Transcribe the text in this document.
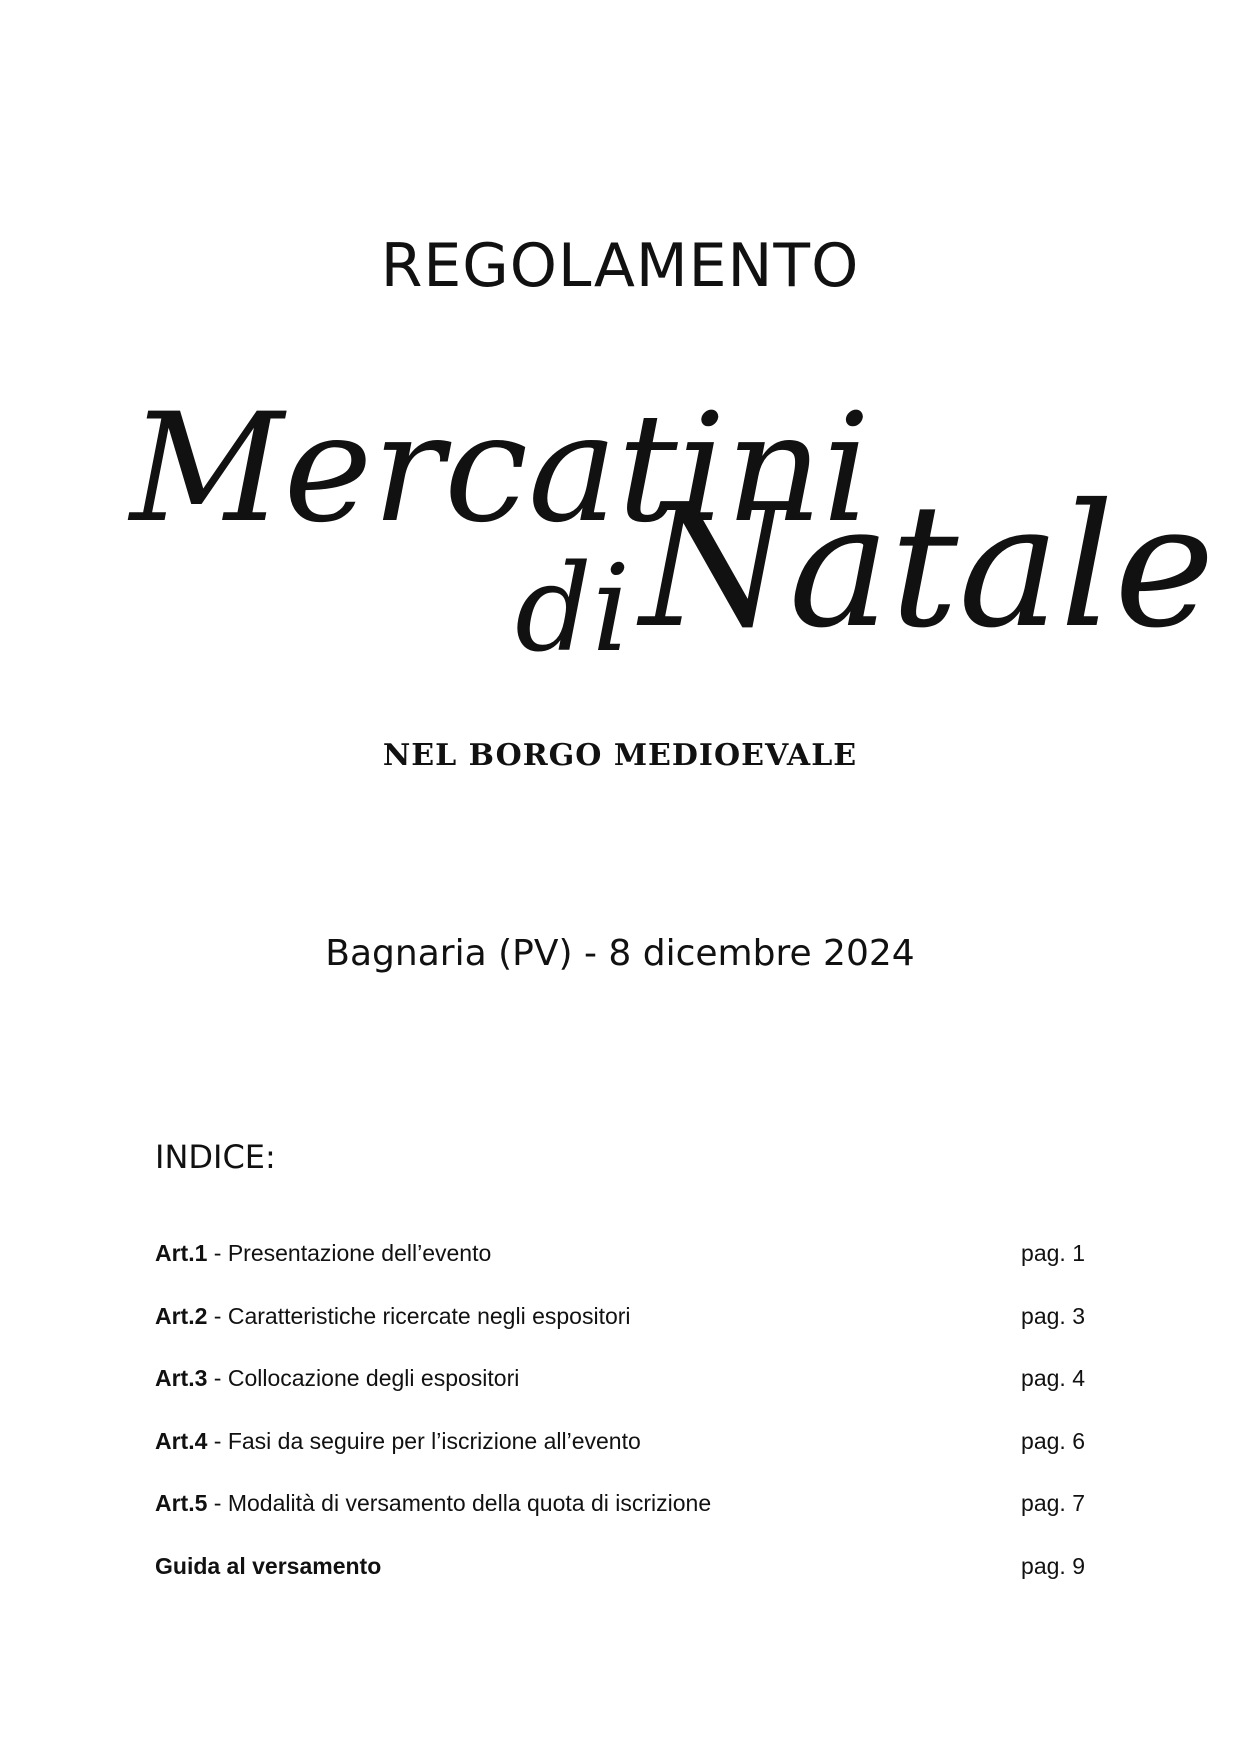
REGOLAMENTO
Mercatini
di Natale
NEL BORGO MEDIOEVALE
Bagnaria (PV) - 8 dicembre 2024
INDICE:
Art.1 - Presentazione dell’evento	pag. 1
Art.2 - Caratteristiche ricercate negli espositori	pag. 3
Art.3 - Collocazione degli espositori	pag. 4
Art.4 - Fasi da seguire per l’iscrizione all’evento	pag. 6
Art.5 - Modalità di versamento della quota di iscrizione	pag. 7
Guida al versamento	pag. 9
